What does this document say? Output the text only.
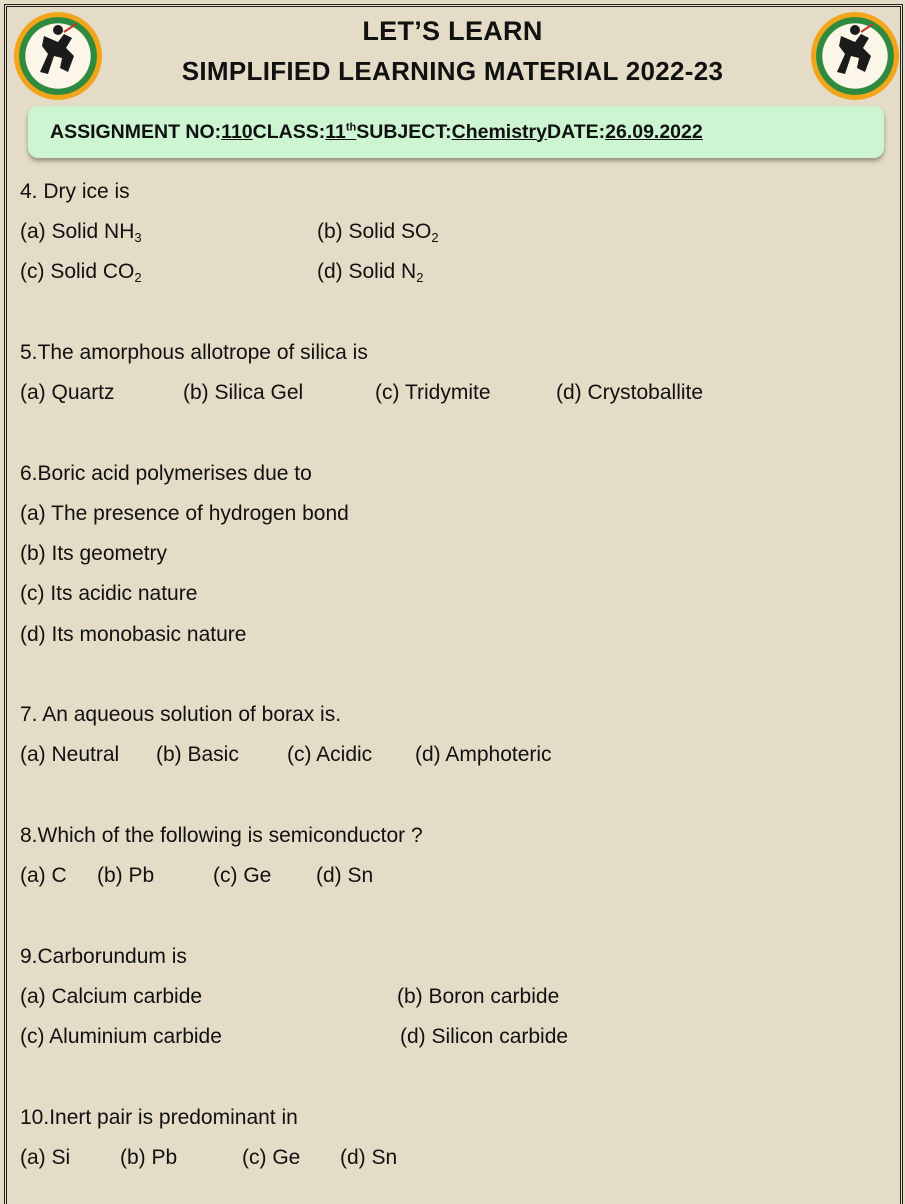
LET’S LEARN
SIMPLIFIED LEARNING MATERIAL 2022-23
ASSIGNMENT NO: 110 CLASS: 11th SUBJECT: Chemistry DATE: 26.09.2022
4. Dry ice is
(a) Solid $NH_3$	(b) Solid $SO_2$
(c) Solid $CO_2$	(d) Solid $N_2$
5.The amorphous allotrope of silica is
(a) Quartz	(b) Silica Gel	(c) Tridymite	(d) Crystoballite
6.Boric acid polymerises due to
(a) The presence of hydrogen bond
(b) Its geometry
(c) Its acidic nature
(d) Its monobasic nature
7. An aqueous solution of borax is.
(a) Neutral (b) Basic (c) Acidic (d) Amphoteric
8.Which of the following is semiconductor ?
(a) C (b) Pb	(c) Ge (d) Sn
9.Carborundum is
(a) Calcium carbide	(b) Boron carbide
(c) Aluminium carbide	(d) Silicon carbide
10.Inert pair is predominant in
(a) Si (b) Pb	(c) Ge (d) Sn
